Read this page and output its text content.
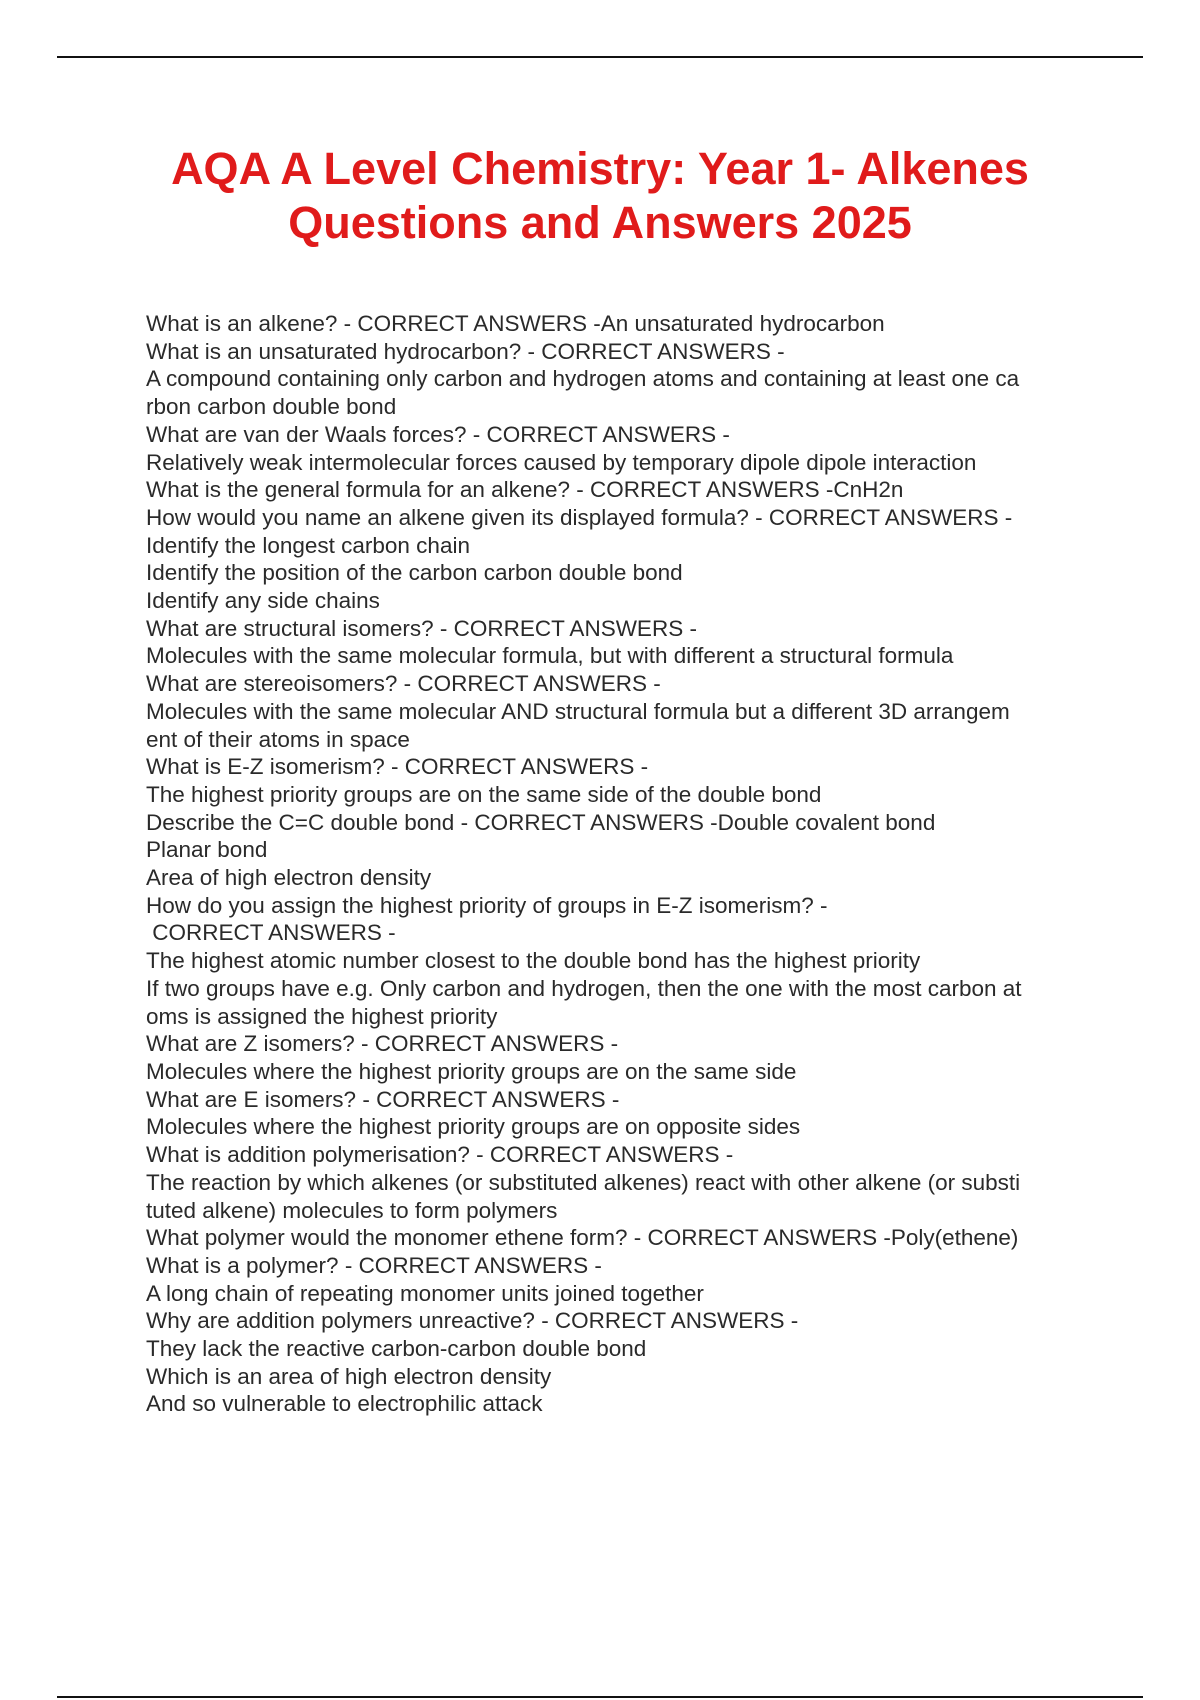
AQA A Level Chemistry: Year 1- Alkenes
Questions and Answers 2025
What is an alkene? - CORRECT ANSWERS -An unsaturated hydrocarbon
What is an unsaturated hydrocarbon? - CORRECT ANSWERS -
A compound containing only carbon and hydrogen atoms and containing at least one ca
rbon carbon double bond
What are van der Waals forces? - CORRECT ANSWERS -
Relatively weak intermolecular forces caused by temporary dipole dipole interaction
What is the general formula for an alkene? - CORRECT ANSWERS -CnH2n
How would you name an alkene given its displayed formula? - CORRECT ANSWERS -
Identify the longest carbon chain
Identify the position of the carbon carbon double bond
Identify any side chains
What are structural isomers? - CORRECT ANSWERS -
Molecules with the same molecular formula, but with different a structural formula
What are stereoisomers? - CORRECT ANSWERS -
Molecules with the same molecular AND structural formula but a different 3D arrangem
ent of their atoms in space
What is E-Z isomerism? - CORRECT ANSWERS -
The highest priority groups are on the same side of the double bond
Describe the C=C double bond - CORRECT ANSWERS -Double covalent bond
Planar bond
Area of high electron density
How do you assign the highest priority of groups in E-Z isomerism? -
CORRECT ANSWERS -
The highest atomic number closest to the double bond has the highest priority
If two groups have e.g. Only carbon and hydrogen, then the one with the most carbon at
oms is assigned the highest priority
What are Z isomers? - CORRECT ANSWERS -
Molecules where the highest priority groups are on the same side
What are E isomers? - CORRECT ANSWERS -
Molecules where the highest priority groups are on opposite sides
What is addition polymerisation? - CORRECT ANSWERS -
The reaction by which alkenes (or substituted alkenes) react with other alkene (or substi
tuted alkene) molecules to form polymers
What polymer would the monomer ethene form? - CORRECT ANSWERS -Poly(ethene)
What is a polymer? - CORRECT ANSWERS -
A long chain of repeating monomer units joined together
Why are addition polymers unreactive? - CORRECT ANSWERS -
They lack the reactive carbon-carbon double bond
Which is an area of high electron density
And so vulnerable to electrophilic attack
